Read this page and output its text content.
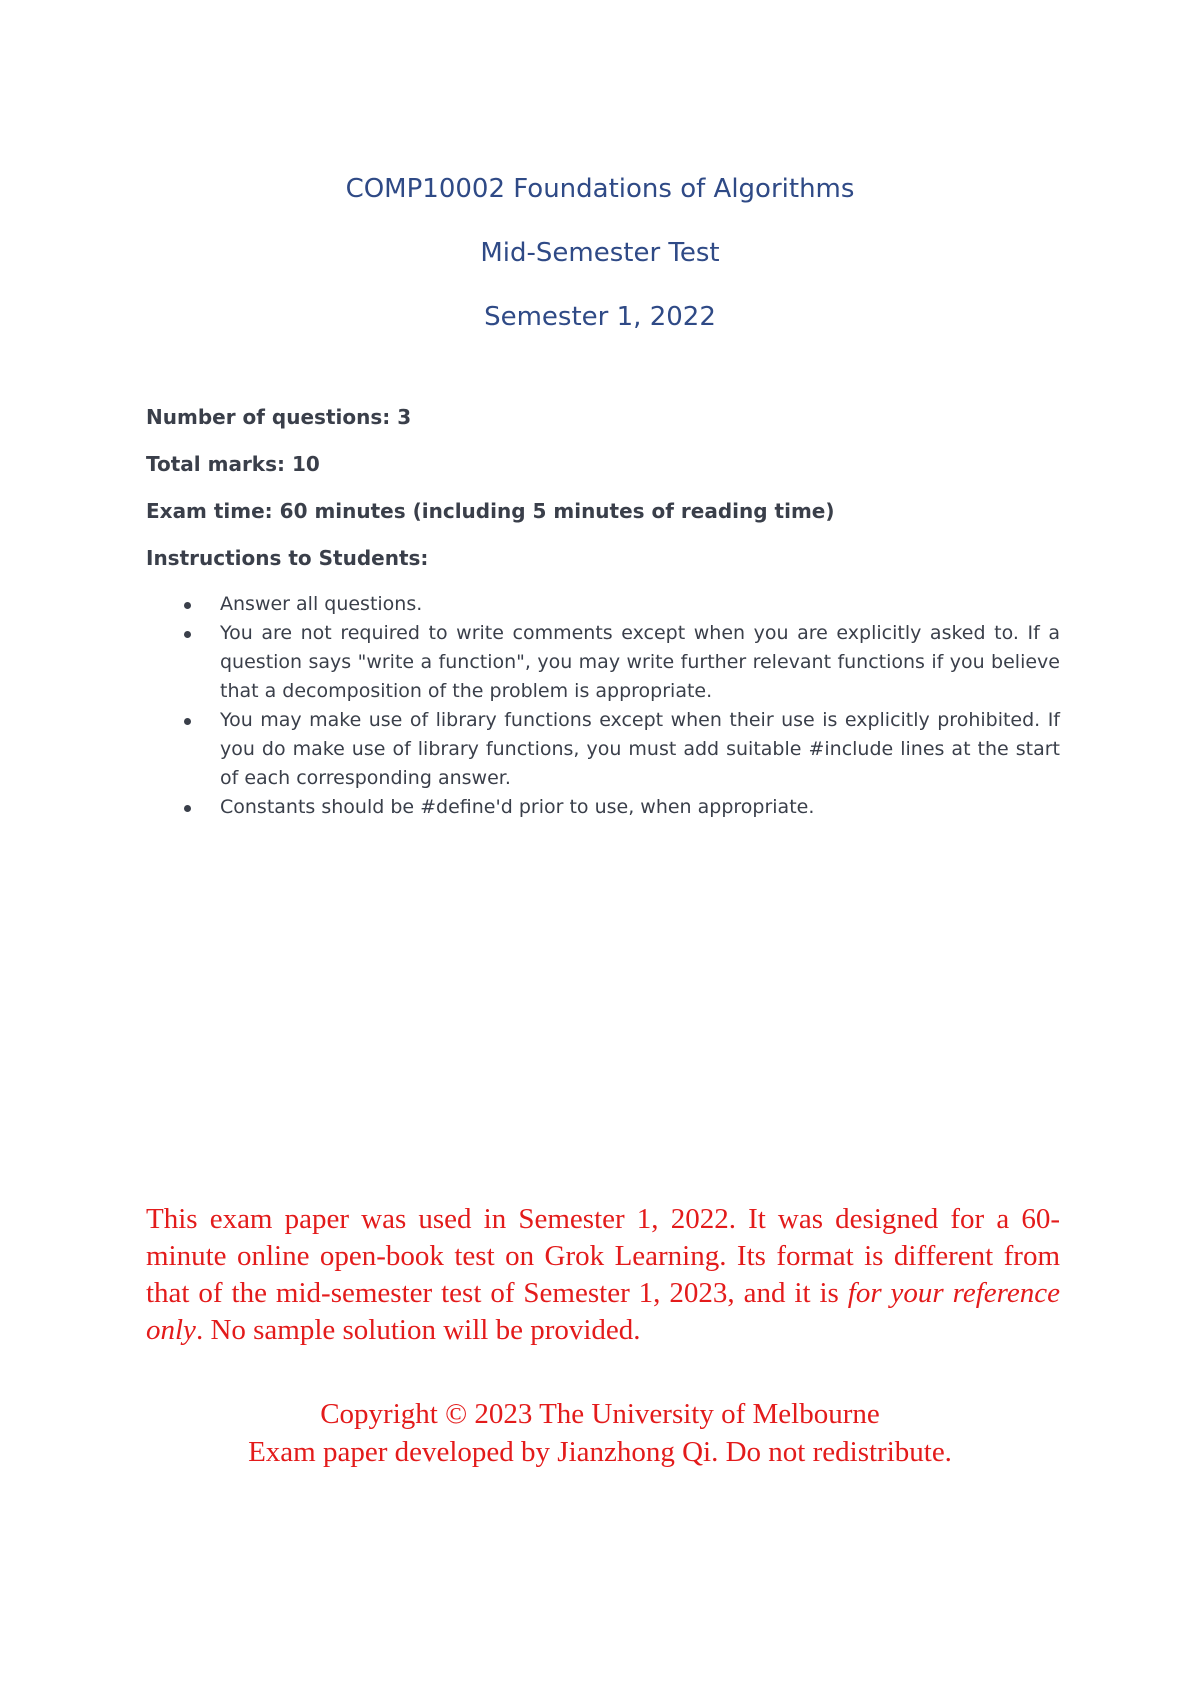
COMP10002 Foundations of Algorithms
Mid-Semester Test
Semester 1, 2022
Number of questions: 3
Total marks: 10
Exam time: 60 minutes (including 5 minutes of reading time)
Instructions to Students:
Answer all questions.
You are not required to write comments except when you are explicitly asked to. If a question says "write a function", you may write further relevant functions if you believe that a decomposition of the problem is appropriate.
You may make use of library functions except when their use is explicitly prohibited. If you do make use of library functions, you must add suitable #include lines at the start of each corresponding answer.
Constants should be #define'd prior to use, when appropriate.
This exam paper was used in Semester 1, 2022. It was designed for a 60-minute online open-book test on Grok Learning. Its format is different from that of the mid-semester test of Semester 1, 2023, and it is for your reference only. No sample solution will be provided.
Copyright © 2023 The University of Melbourne
Exam paper developed by Jianzhong Qi. Do not redistribute.
